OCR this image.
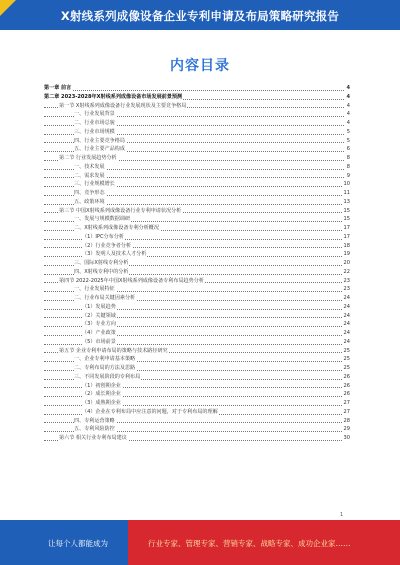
X射线系列成像设备企业专利申请及布局策略研究报告
内容目录
第一章 前言	4
第二章 2023-2028年X射线系列成像设备市场发展前景预测	4
第一节 X射线系列成像设备行业发展现状及主要竞争格局	4
一、行业发展背景	4
二、行业市场总貌	4
三、行业市场规模	5
四、行业主要竞争格局	5
五、行业主要产品构成	6
第二节 行业发展趋势分析	8
一、技术发展	8
二、需求发展	9
三、行业规模增长	10
四、竞争形态	11
五、政策环境	13
第三节 中国X射线系列成像设备行业专利申请状况分析	15
一、发展与规模数据调研	15
二、X射线系列成像设备专利分析概况	17
（1）IPC分布分析	17
（2）行业竞争者分析	18
（3）发明人及技术人才分析	19
三、国际X射线专利分析	20
四、X射线专利中的分析	22
第四节 2022-2025年中国X射线系列成像设备专利布局趋势分析	23
一、行业发展特征	23
二、行业布局关键因素分析	24
（1）发展趋势	24
（2）关键领域	24
（3）专业方向	24
（4）产业政策	24
（5）市场前景	24
第五节 企业专利申请布局的策略与技术路径研究	25
一、企业专利申请基本策略	25
二、专利布局的方法及思路	25
三、不同发展阶段的专利布局	26
（1）初创期企业	26
（2）成长期企业	26
（3）成熟期企业	27
（4）企业在专利布局中应注意的问题，对于专利布局的理解	27
四、专利运营策略	28
五、专利风险防控	29
第六节 相关行业专利布局建议	30
1
让每个人都能成为	行业专家、管理专家、营销专家、战略专家、成功企业家……
